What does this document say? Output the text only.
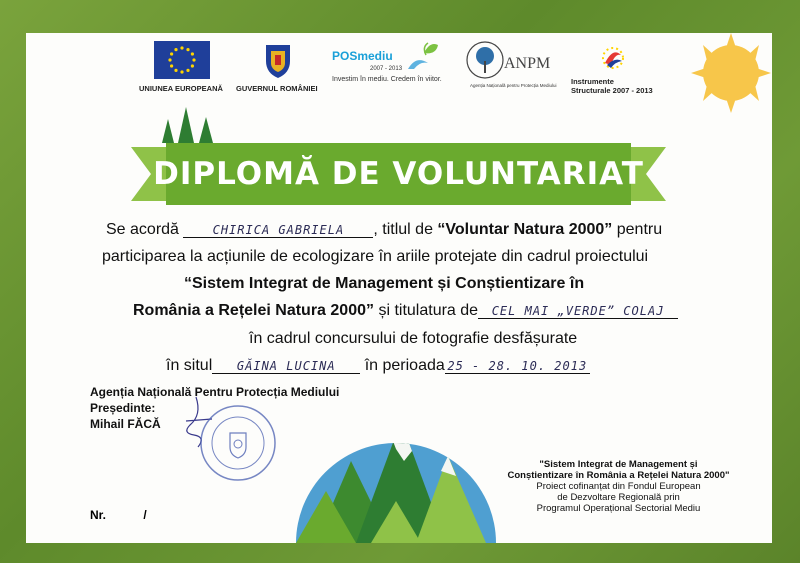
UNIUNEA EUROPEANĂ GUVERNUL ROMÂNIEI
POSmediu
2007 - 2013
Investim în mediu. Credem în viitor.
ANPM
Agenția Națională pentru Protecția Mediului Instrumente
Structurale 2007 - 2013
DIPLOMĂ DE VOLUNTARIAT
Se acordă	CHIRICA GABRIELA , titlul de “Voluntar Natura 2000” pentru
participarea la acțiunile de ecologizare în ariile protejate din cadrul proiectului
“Sistem Integrat de Management și Conștientizare în
România a Rețelei Natura 2000” și titulatura de CEL MAI „VERDE” COLAJ
în cadrul concursului de fotografie desfășurate
în situl GĂINA LUCINA în perioada 25 - 28. 10. 2013
Agenția Națională Pentru Protecția Mediului
Președinte:
Mihail FĂCĂ
Nr.	/
"Sistem Integrat de Management și
Conștientizare în România a Rețelei Natura 2000"
Proiect cofinanțat din Fondul European
de Dezvoltare Regională prin
Programul Operațional Sectorial Mediu
